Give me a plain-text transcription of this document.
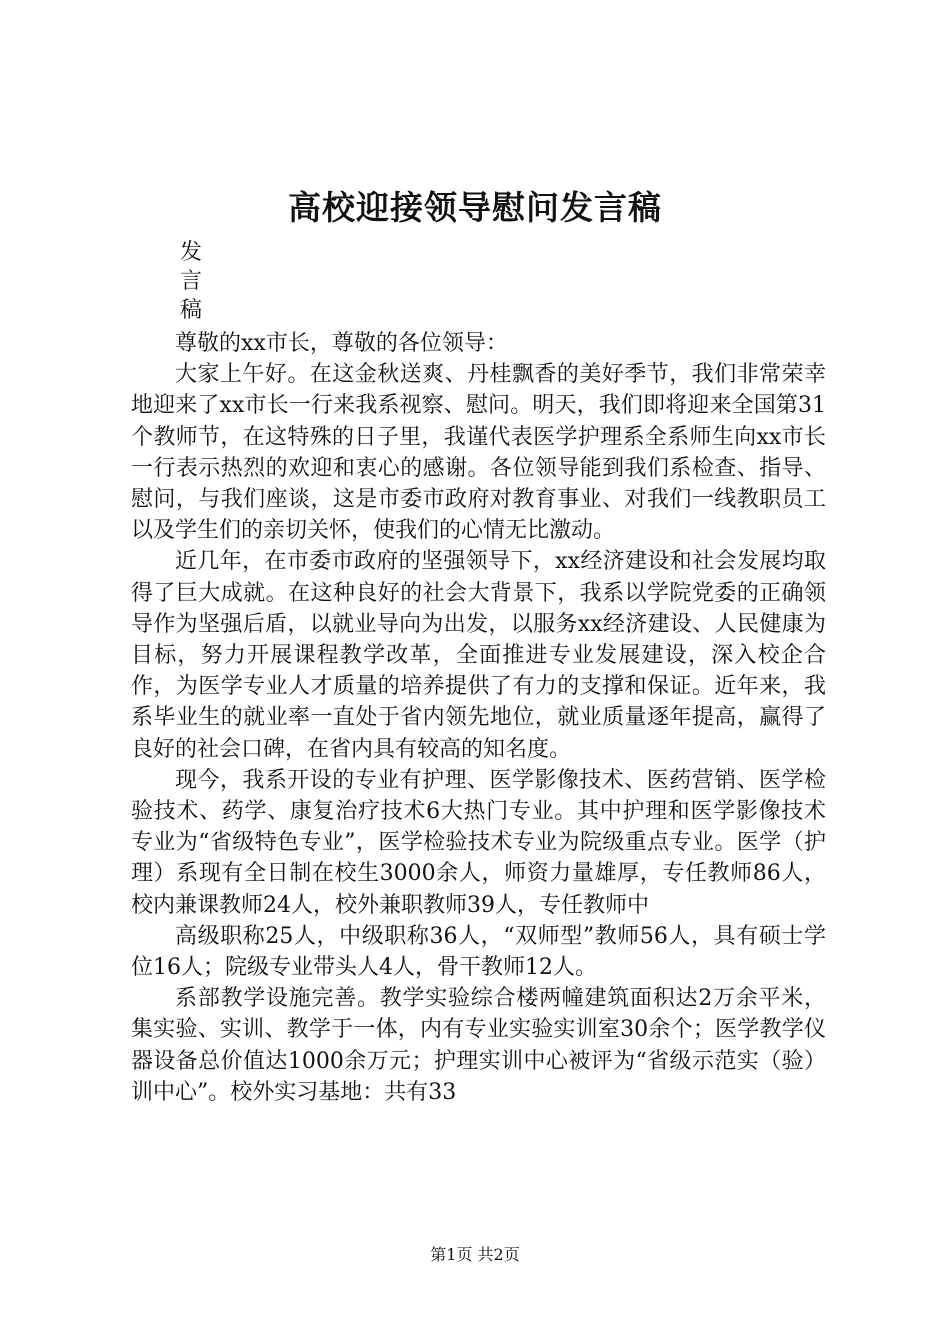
高校迎接领导慰问发言稿
发
言
稿

尊敬的xx市长，尊敬的各位领导：

大家上午好。在这金秋送爽、丹桂飘香的美好季节，我们非常荣幸地迎来了xx市长一行来我系视察、慰问。明天，我们即将迎来全国第31个教师节，在这特殊的日子里，我谨代表医学护理系全系师生向xx市长一行表示热烈的欢迎和衷心的感谢。各位领导能到我们系检查、指导、慰问，与我们座谈，这是市委市政府对教育事业、对我们一线教职员工以及学生们的亲切关怀，使我们的心情无比激动。

近几年，在市委市政府的坚强领导下，xx经济建设和社会发展均取得了巨大成就。在这种良好的社会大背景下，我系以学院党委的正确领导作为坚强后盾，以就业导向为出发，以服务xx经济建设、人民健康为目标，努力开展课程教学改革，全面推进专业发展建设，深入校企合作，为医学专业人才质量的培养提供了有力的支撑和保证。近年来，我系毕业生的就业率一直处于省内领先地位，就业质量逐年提高，赢得了良好的社会口碑，在省内具有较高的知名度。

现今，我系开设的专业有护理、医学影像技术、医药营销、医学检验技术、药学、康复治疗技术6大热门专业。其中护理和医学影像技术专业为“省级特色专业”，医学检验技术专业为院级重点专业。医学（护理）系现有全日制在校生3000余人，师资力量雄厚，专任教师86人，校内兼课教师24人，校外兼职教师39人，专任教师中

高级职称25人，中级职称36人，“双师型”教师56人，具有硕士学位16人；院级专业带头人4人，骨干教师12人。

系部教学设施完善。教学实验综合楼两幢建筑面积达2万余平米，集实验、实训、教学于一体，内有专业实验实训室30余个；医学教学仪器设备总价值达1000余万元；护理实训中心被评为“省级示范实（验）训中心”。校外实习基地：共有33

第1页 共2页
